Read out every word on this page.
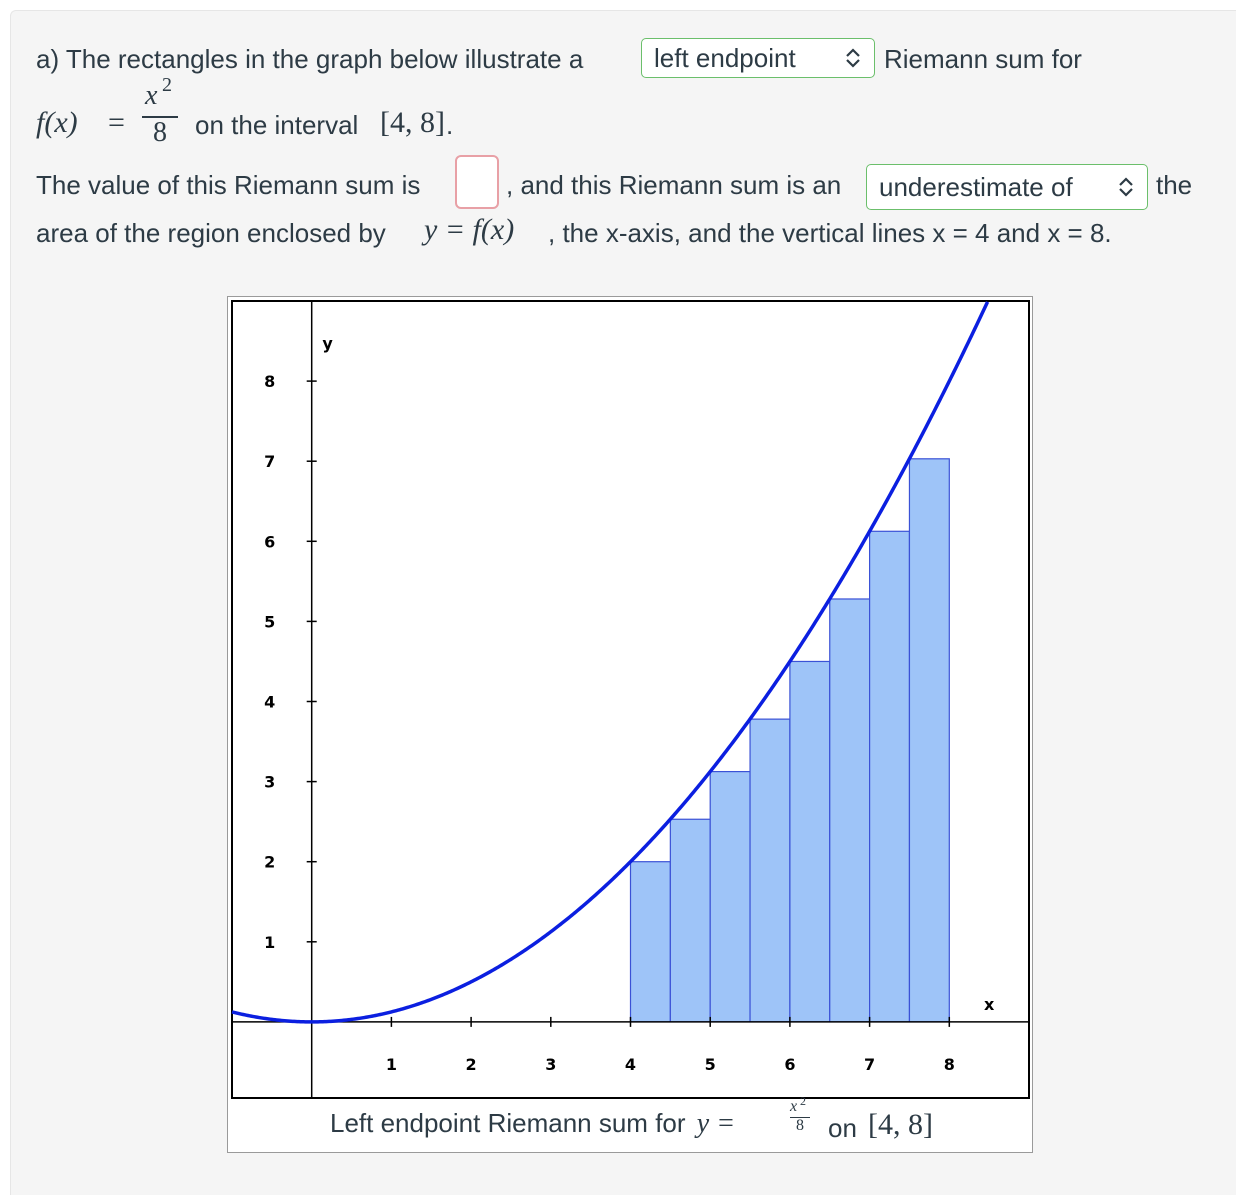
a) The rectangles in the graph below illustrate a	left endpoint	Riemann sum for
f(x) =
x 2
8	on the interval [4, 8] .
The value of this Riemann sum is	, and this Riemann sum is an	underestimate of	the
area of the region enclosed by y = f(x) , the x-axis, and the vertical lines x = 4 and x = 8.
1	2	3	4	5	6	7	8
1
2
3
4
5
6
7
8
x
y
Left endpoint Riemann sum for y =
x 2
8 on [4, 8]
